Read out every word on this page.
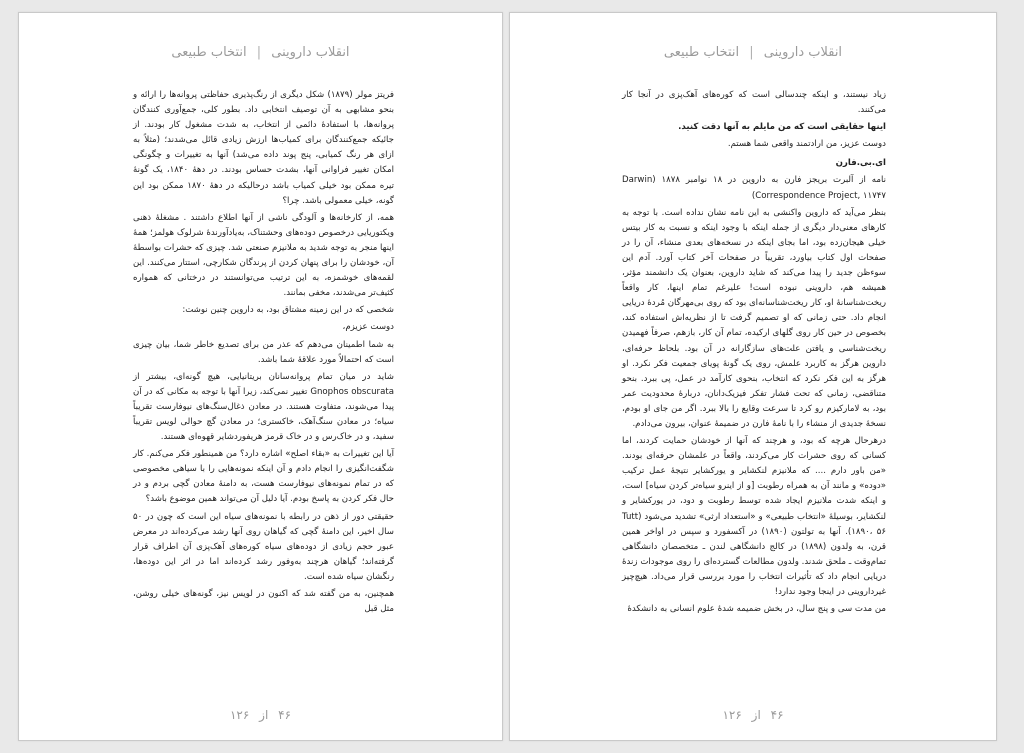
انقلاب داروینی | انتخاب طبیعی

فریتز مولر (۱۸۷۹) شکل دیگری از رنگ‌پذیری حفاظتی پروانه‌ها را ارائه و بنحو مشابهی به آن توصیف انتخابی داد. بطور کلی، جمع‌آوری کنندگان پروانه‌ها، با استفادهٔ دائمی از انتخاب، به شدت مشغول کار بودند. از جائیکه جمع‌کنندگان برای کمیاب‌ها ارزش زیادی قائل می‌شدند؛ (مثلاً به ازای هر رنگ کمیابی، پنج پوند داده می‌شد) آنها به تغییرات و چگونگی امکان تغییر فراوانی آنها، بشدت حساس بودند. در دههٔ ۱۸۴۰، یک گونهٔ تیره ممکن بود خیلی کمیاب باشد درحالیکه در دههٔ ۱۸۷۰ ممکن بود این گونه، خیلی معمولی باشد. چرا؟

همه، از کارخانه‌ها و آلودگی ناشی از آنها اطلاع داشتند . مشغلهٔ ذهنی ویکتوریایی درخصوص دوده‌های وحشتناک، به‌یادآورندهٔ شرلوک هولمز؛ همهٔ اینها منجر به توجه شدید به ملانیزم صنعتی شد. چیزی که حشرات بواسطهٔ آن، خودشان را برای پنهان کردن از پرندگان شکارچی، استتار می‌کنند. این لقمه‌های خوشمزه، به این ترتیب می‌توانستند در درختانی که همواره کثیف‌تر می‌شدند، مخفی بمانند.

شخصی که در این زمینه مشتاق بود، به داروین چنین نوشت:

دوست عزیزم،

به شما اطمینان می‌دهم که عذر من برای تصدیع خاطر شما، بیان چیزی است که احتمالاً مورد علاقهٔ شما باشد.

شاید در میان تمام پروانه‌سانان بریتانیایی، هیچ گونه‌ای، بیشتر از Gnophos obscurata تغییر نمی‌کند، زیرا آنها با توجه به مکانی که در آن پیدا می‌شوند، متفاوت هستند. در معادن ذغال‌سنگ‌های نیوفارست تقریباً سیاه؛ در معادن سنگ‌آهک، خاکستری؛ در معادن گچ حوالی لویس تقریباً سفید، و در خاک‌رس و در خاک قرمز هریفوردشایر قهوه‌ای هستند.

آیا این تغییرات به «بقاء اصلح» اشاره دارد؟ من همینطور فکر می‌کنم. کار شگفت‌انگیزی را انجام دادم و آن اینکه نمونه‌هایی را با سیاهی مخصوصی که در تمام نمونه‌های نیوفارست هست، به دامنهٔ معادن گچی بردم و در حال فکر کردن به پاسخ بودم. آیا دلیل آن می‌تواند همین موضوع باشد؟

حقیقتی دور از ذهن در رابطه با نمونه‌های سیاه این است که چون در ۵۰ سال اخیر، این دامنهٔ گچی که گیاهان روی آنها رشد می‌کرده‌اند در معرض عبور حجم زیادی از دوده‌های سیاه کوره‌های آهک‌پزی آن اطراف قرار گرفته‌اند؛ گیاهان هرچند به‌وفور رشد کرده‌اند اما در اثر این دوده‌ها، رنگشان سیاه شده است.

همچنین، به من گفته شد که اکنون در لویس نیز، گونه‌های خیلی روشن، مثل قبل

۴۶ از ۱۲۶
انقلاب داروینی | انتخاب طبیعی

زیاد نیستند، و اینکه چندسالی است که کوره‌های آهک‌پزی در آنجا کار می‌کنند.

اینها حقایقی است که من مایلم به آنها دقت کنید.

دوست عزیز، من ارادتمند واقعی شما هستم.

ای.بی.فارن

نامه از آلبرت بریجز فارن به داروین در ۱۸ نوامبر ۱۸۷۸ (Darwin Correspondence Project, ۱۱۷۴۷)

بنظر می‌آید که داروین واکنشی به این نامه نشان نداده است. با توجه به کارهای معنی‌دار دیگری از جمله اینکه با وجود اینکه و نسبت به کار بیتس خیلی هیجان‌زده بود، اما بجای اینکه در نسخه‌های بعدی منشاء، آن را در صفحات اول کتاب بیاورد، تقریباً در صفحات آخر کتاب آورد. آدم این سوءظن جدید را پیدا می‌کند که شاید داروین، بعنوان یک دانشمند مؤثر، همیشه هم، داروینی نبوده است! علیرغم تمام اینها، کار واقعاً ریخت‌شناسانهٔ او، کار ریخت‌شناسانه‌ای بود که روی بی‌مهرگان مُردهٔ دریایی انجام داد. حتی زمانی که او تصمیم گرفت تا از نظریه‌اش استفاده کند، بخصوص در حین کار روی گلهای ارکیده، تمام آن کار، بازهم، صرفاً فهمیدن ریخت‌شناسی و یافتن علت‌های سازگارانه در آن بود. بلحاظ حرفه‌ای، داروین هرگز به کاربرد علمش، روی یک گونهٔ پویای جمعیت فکر نکرد. او هرگز به این فکر نکرد که انتخاب، بنحوی کارآمد در عمل، پی ببرد. بنحو متناقضی، زمانی که تحت فشار تفکر فیزیک‌دانان، دربارهٔ محدودیت عمر بود، به لامارکیزم رو کرد تا سرعت وقایع را بالا ببرد. اگر من جای او بودم، نسخهٔ جدیدی از منشاء را با نامهٔ فارن در ضمیمهٔ عنوان، بیرون می‌دادم.

درهرحال هرچه که بود، و هرچند که آنها از خودشان حمایت کردند، اما کسانی که روی حشرات کار می‌کردند، واقعاً در علمشان حرفه‌ای بودند. «من باور دارم .... که ملانیزم لنکشایر و یورکشایر نتیجهٔ عمل ترکیب «دوده» و مانند آن به همراه رطوبت [و از اینرو سیاه‌تر کردن سیاه] است، و اینکه شدت ملانیزم ایجاد شده توسط رطوبت و دود، در یورکشایر و لنکشایر، بوسیلهٔ «انتخاب طبیعی» و «استعداد ارثی» تشدید می‌شود (Tutt ۱۸۹۰، ۵۶). آنها به تولتون (۱۸۹۰) در آکسفورد و سپس در اواخر همین قرن، به ولدون (۱۸۹۸) در کالج دانشگاهی لندن ـ متخصصان دانشگاهی تمام‌وقت ـ ملحق شدند. ولدون مطالعات گسترده‌ای را روی موجودات زندهٔ دریایی انجام داد که تأثیرات انتخاب را مورد بررسی قرار می‌داد. هیچ‌چیز غیرداروینی در اینجا وجود ندارد!

من مدت سی و پنج سال، در بخش ضمیمه شدهٔ علوم انسانی به دانشکدهٔ

۴۶ از ۱۲۶
